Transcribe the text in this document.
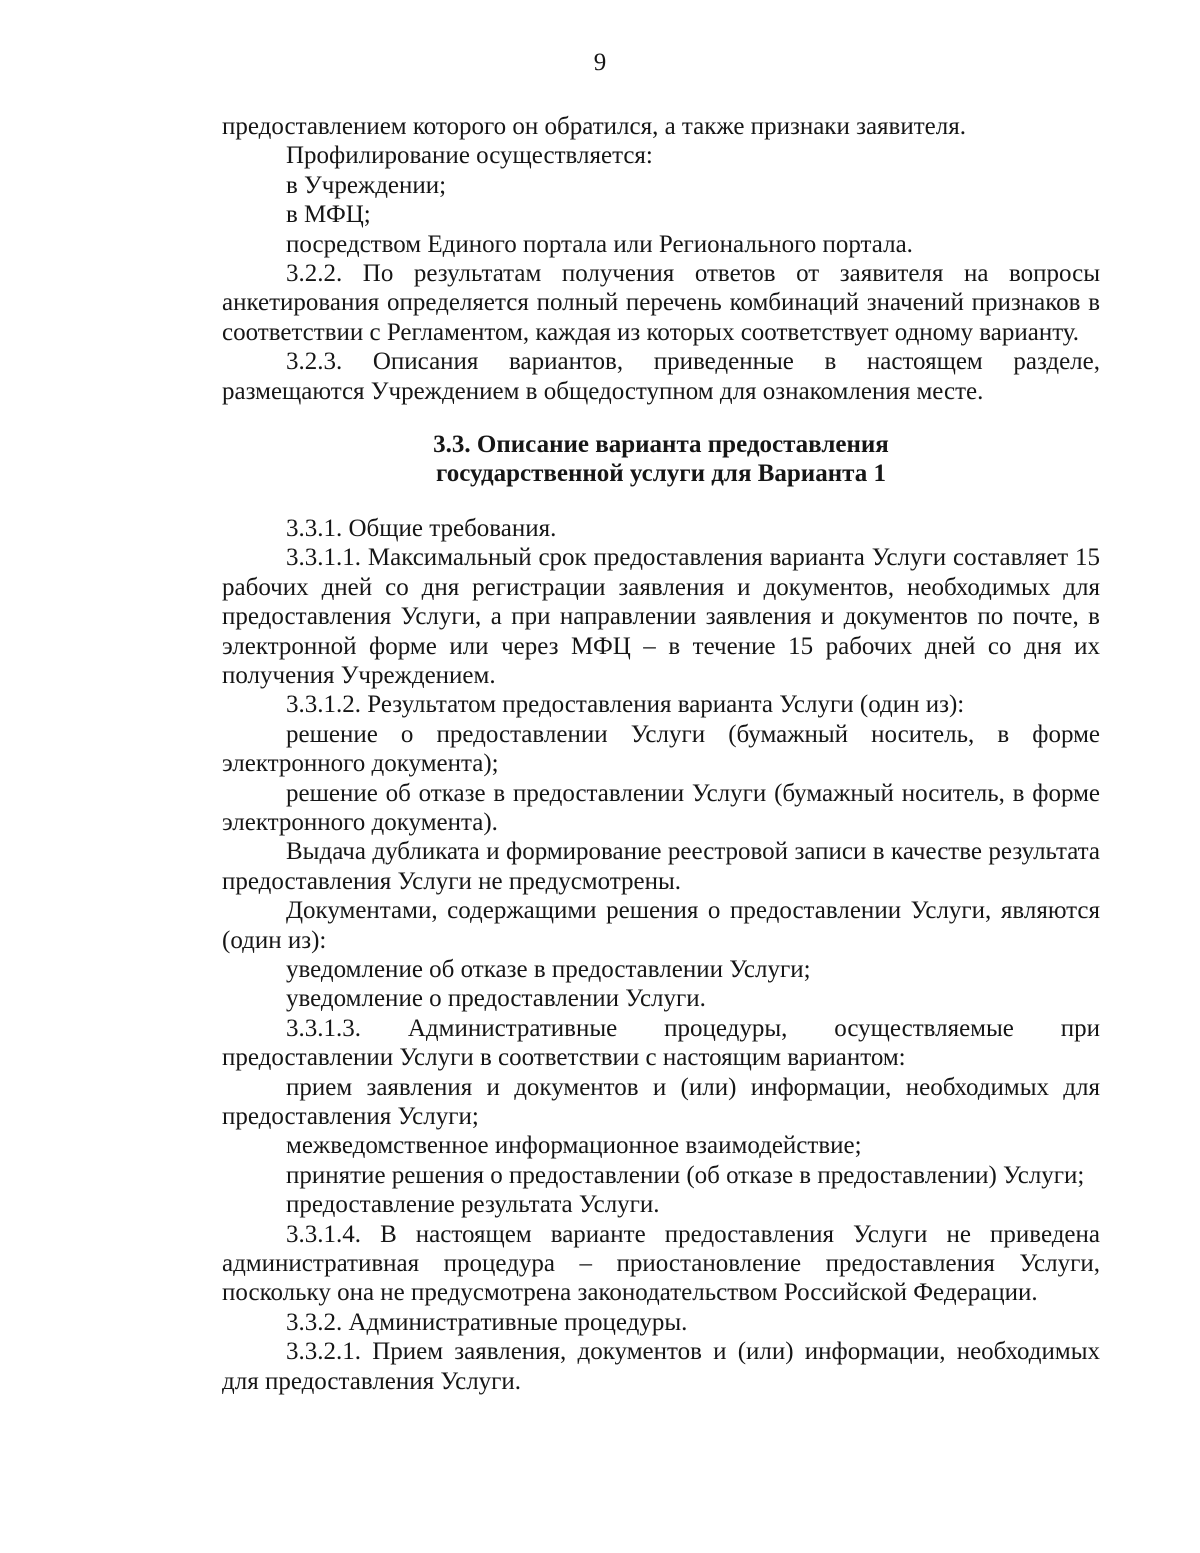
9

предоставлением которого он обратился, а также признаки заявителя.

Профилирование осуществляется:

в Учреждении;

в МФЦ;

посредством Единого портала или Регионального портала.

3.2.2. По результатам получения ответов от заявителя на вопросы анкетирования определяется полный перечень комбинаций значений признаков в соответствии с Регламентом, каждая из которых соответствует одному варианту.

3.2.3. Описания вариантов, приведенные в настоящем разделе, размещаются Учреждением в общедоступном для ознакомления месте.

3.3. Описание варианта предоставления
государственной услуги для Варианта 1

3.3.1. Общие требования.

3.3.1.1. Максимальный срок предоставления варианта Услуги составляет 15 рабочих дней со дня регистрации заявления и документов, необходимых для предоставления Услуги, а при направлении заявления и документов по почте, в электронной форме или через МФЦ – в течение 15 рабочих дней со дня их получения Учреждением.

3.3.1.2. Результатом предоставления варианта Услуги (один из):

решение о предоставлении Услуги (бумажный носитель, в форме электронного документа);

решение об отказе в предоставлении Услуги (бумажный носитель, в форме электронного документа).

Выдача дубликата и формирование реестровой записи в качестве результата предоставления Услуги не предусмотрены.

Документами, содержащими решения о предоставлении Услуги, являются (один из):

уведомление об отказе в предоставлении Услуги;

уведомление о предоставлении Услуги.

3.3.1.3. Административные процедуры, осуществляемые при предоставлении Услуги в соответствии с настоящим вариантом:

прием заявления и документов и (или) информации, необходимых для предоставления Услуги;

межведомственное информационное взаимодействие;

принятие решения о предоставлении (об отказе в предоставлении) Услуги;

предоставление результата Услуги.

3.3.1.4. В настоящем варианте предоставления Услуги не приведена административная процедура – приостановление предоставления Услуги, поскольку она не предусмотрена законодательством Российской Федерации.

3.3.2. Административные процедуры.

3.3.2.1. Прием заявления, документов и (или) информации, необходимых для предоставления Услуги.
